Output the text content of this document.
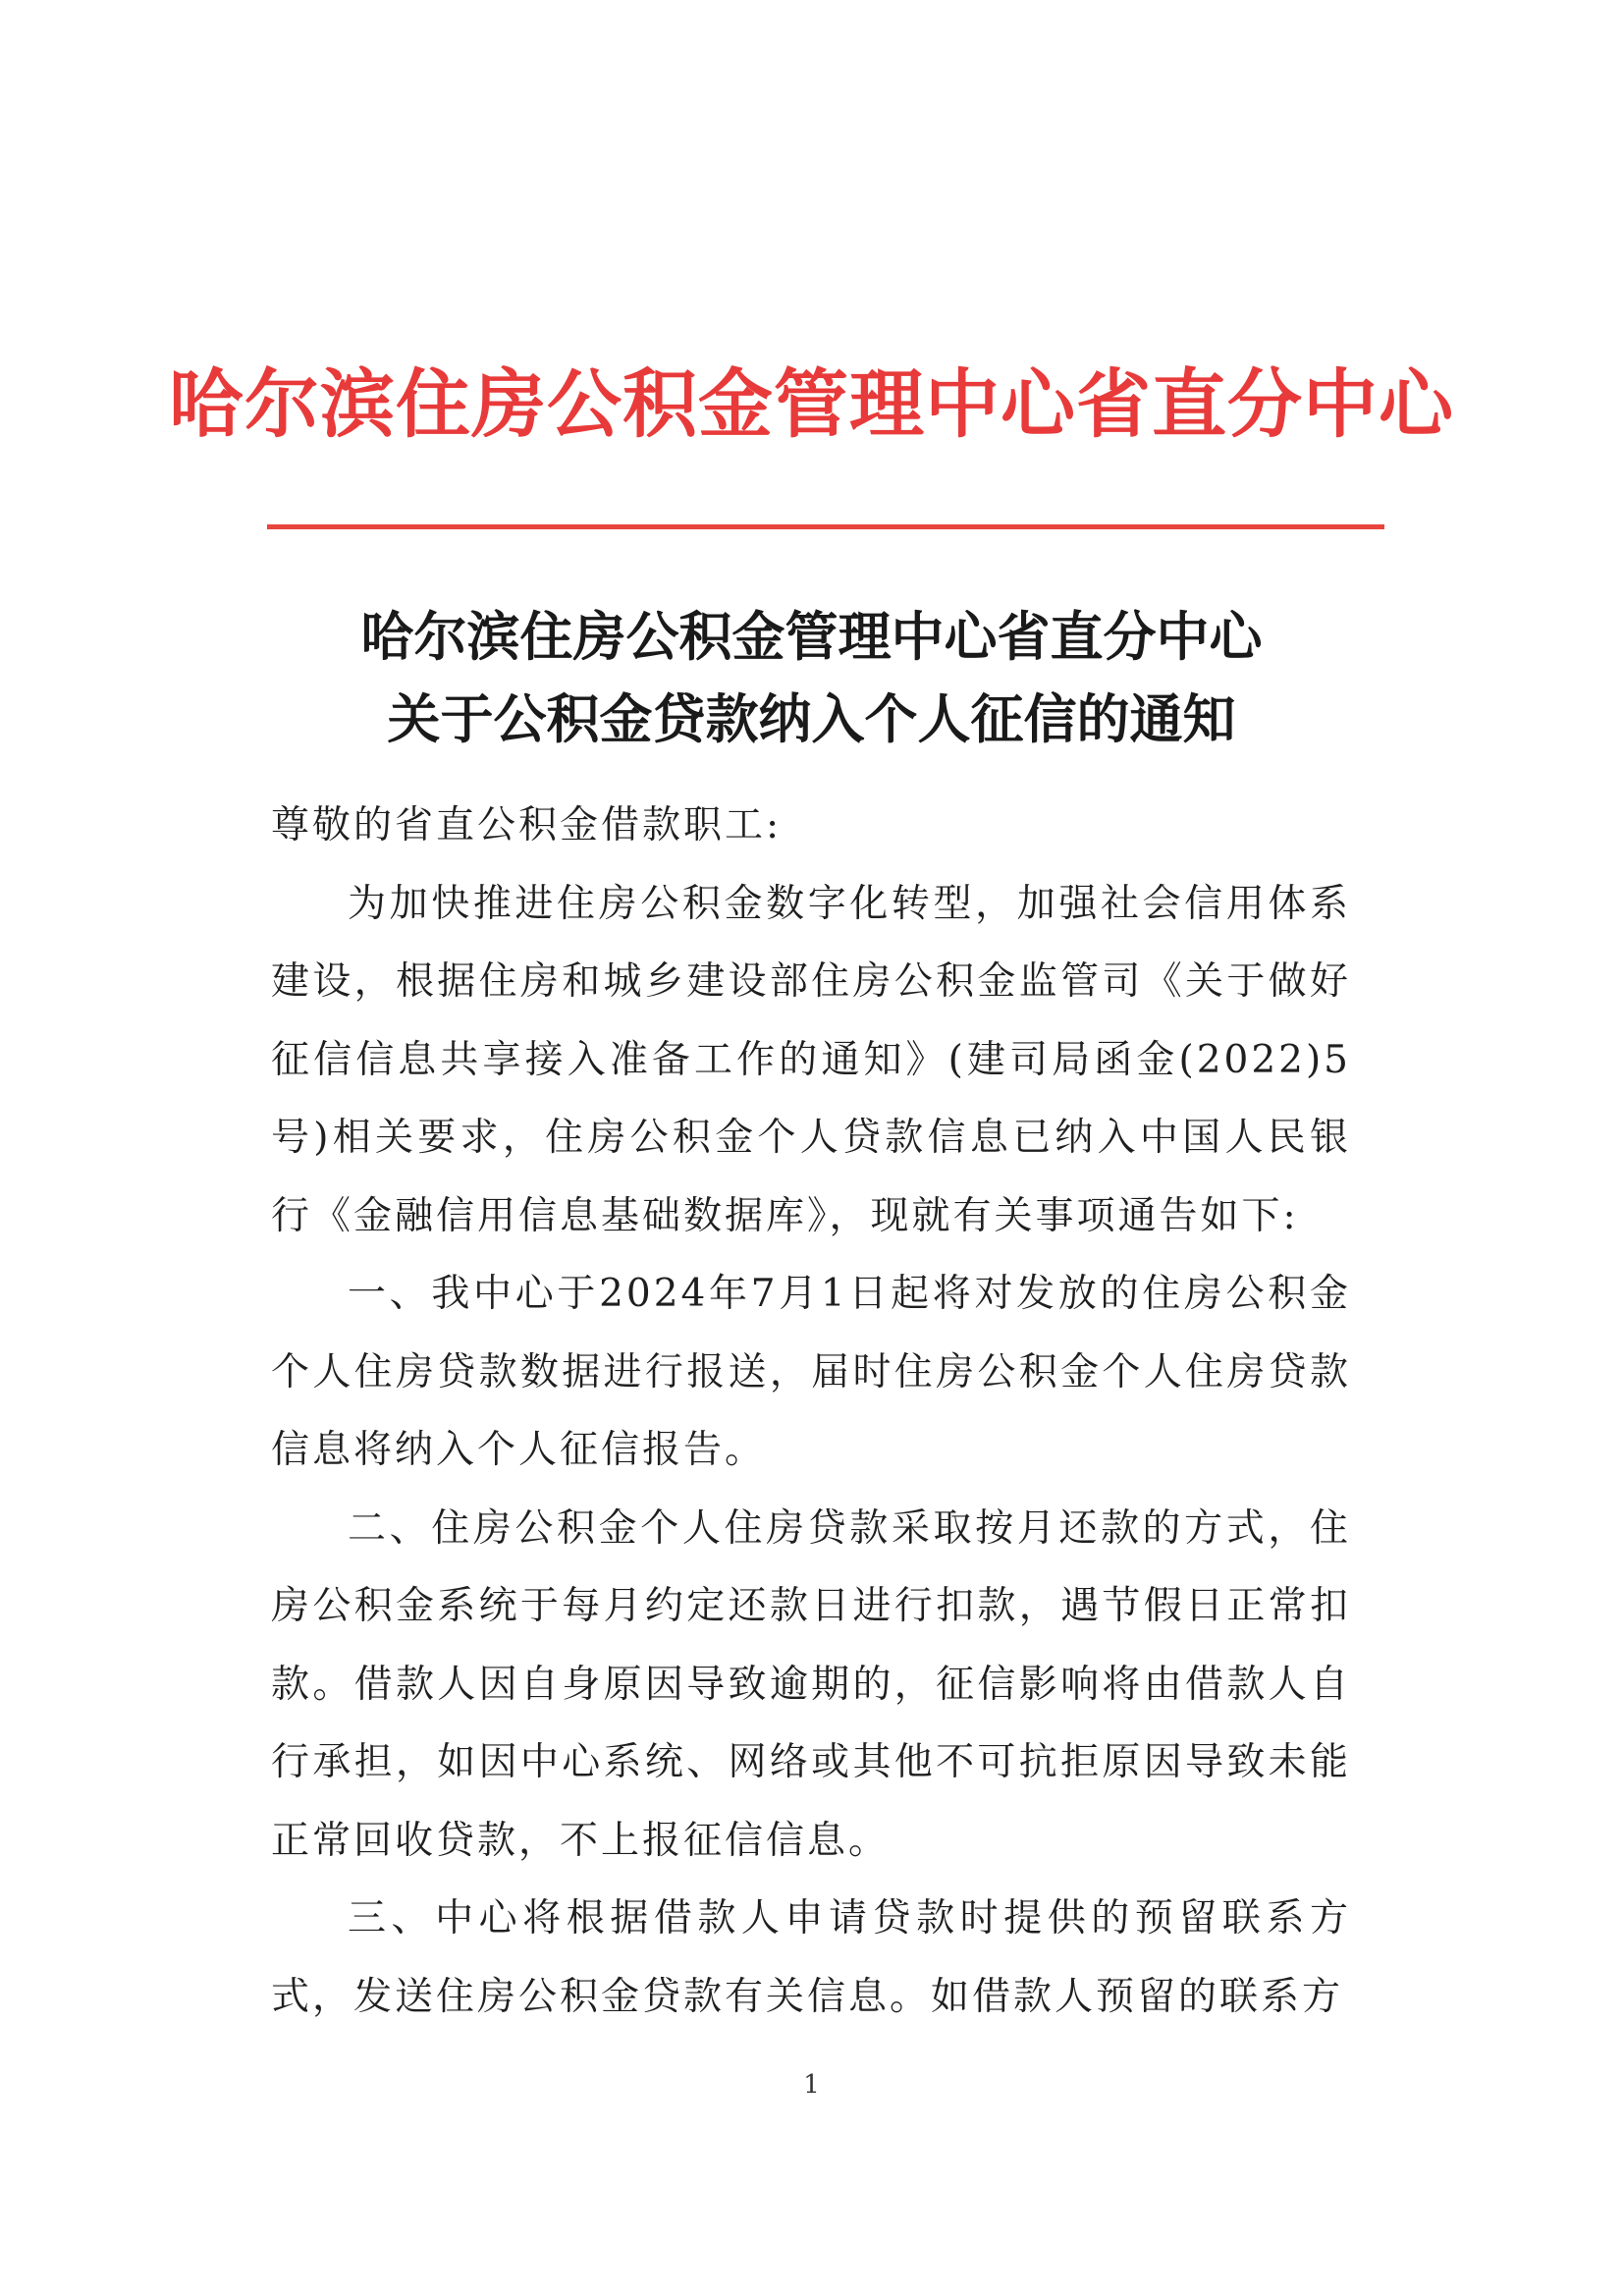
哈尔滨住房公积金管理中心省直分中心
哈尔滨住房公积金管理中心省直分中心
关于公积金贷款纳入个人征信的通知

尊敬的省直公积金借款职工:

为加快推进住房公积金数字化转型，加强社会信用体系建设，根据住房和城乡建设部住房公积金监管司《关于做好征信信息共享接入准备工作的通知》(建司局函金(2022)5号)相关要求，住房公积金个人贷款信息已纳入中国人民银行《金融信用信息基础数据库》，现就有关事项通告如下:

一、我中心于2024年7月1日起将对发放的住房公积金个人住房贷款数据进行报送，届时住房公积金个人住房贷款信息将纳入个人征信报告。

二、住房公积金个人住房贷款采取按月还款的方式，住房公积金系统于每月约定还款日进行扣款，遇节假日正常扣款。借款人因自身原因导致逾期的，征信影响将由借款人自行承担，如因中心系统、网络或其他不可抗拒原因导致未能正常回收贷款，不上报征信信息。

三、中心将根据借款人申请贷款时提供的预留联系方式，发送住房公积金贷款有关信息。如借款人预留的联系方

1
